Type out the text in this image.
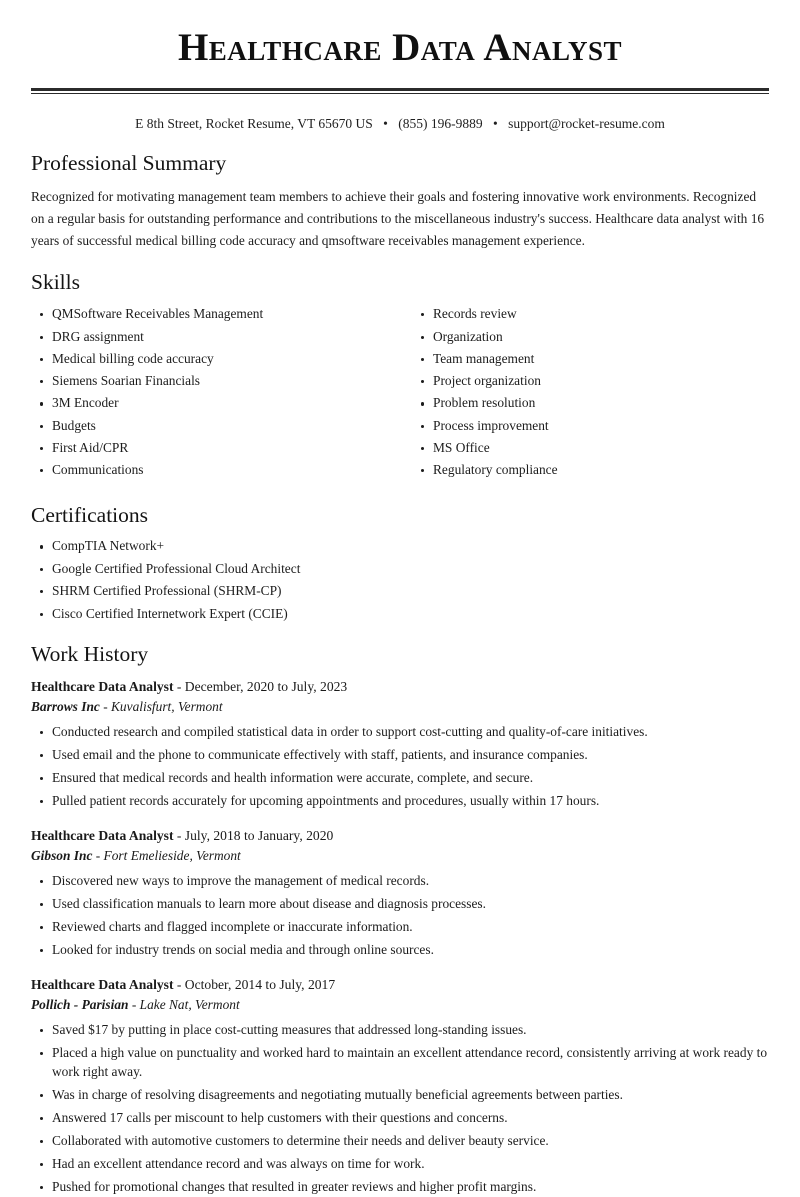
Healthcare Data Analyst
E 8th Street, Rocket Resume, VT 65670 US • (855) 196-9889 • support@rocket-resume.com
Professional Summary

Recognized for motivating management team members to achieve their goals and fostering innovative work environments. Recognized on a regular basis for outstanding performance and contributions to the miscellaneous industry's success. Healthcare data analyst with 16 years of successful medical billing code accuracy and qmsoftware receivables management experience.

Skills
QMSoftware Receivables Management
DRG assignment
Medical billing code accuracy
Siemens Soarian Financials
3M Encoder
Budgets
First Aid/CPR
Communications
Records review
Organization
Team management
Project organization
Problem resolution
Process improvement
MS Office
Regulatory compliance
Certifications
CompTIA Network+
Google Certified Professional Cloud Architect
SHRM Certified Professional (SHRM-CP)
Cisco Certified Internetwork Expert (CCIE)
Work History
Healthcare Data Analyst - December, 2020 to July, 2023
Barrows Inc - Kuvalisfurt, Vermont
Conducted research and compiled statistical data in order to support cost-cutting and quality-of-care initiatives.
Used email and the phone to communicate effectively with staff, patients, and insurance companies.
Ensured that medical records and health information were accurate, complete, and secure.
Pulled patient records accurately for upcoming appointments and procedures, usually within 17 hours.
Healthcare Data Analyst - July, 2018 to January, 2020
Gibson Inc - Fort Emelieside, Vermont
Discovered new ways to improve the management of medical records.
Used classification manuals to learn more about disease and diagnosis processes.
Reviewed charts and flagged incomplete or inaccurate information.
Looked for industry trends on social media and through online sources.
Healthcare Data Analyst - October, 2014 to July, 2017
Pollich - Parisian - Lake Nat, Vermont
Saved $17 by putting in place cost-cutting measures that addressed long-standing issues.
Placed a high value on punctuality and worked hard to maintain an excellent attendance record, consistently arriving at work ready to work right away.
Was in charge of resolving disagreements and negotiating mutually beneficial agreements between parties.
Answered 17 calls per miscount to help customers with their questions and concerns.
Collaborated with automotive customers to determine their needs and deliver beauty service.
Had an excellent attendance record and was always on time for work.
Pushed for promotional changes that resulted in greater reviews and higher profit margins.
